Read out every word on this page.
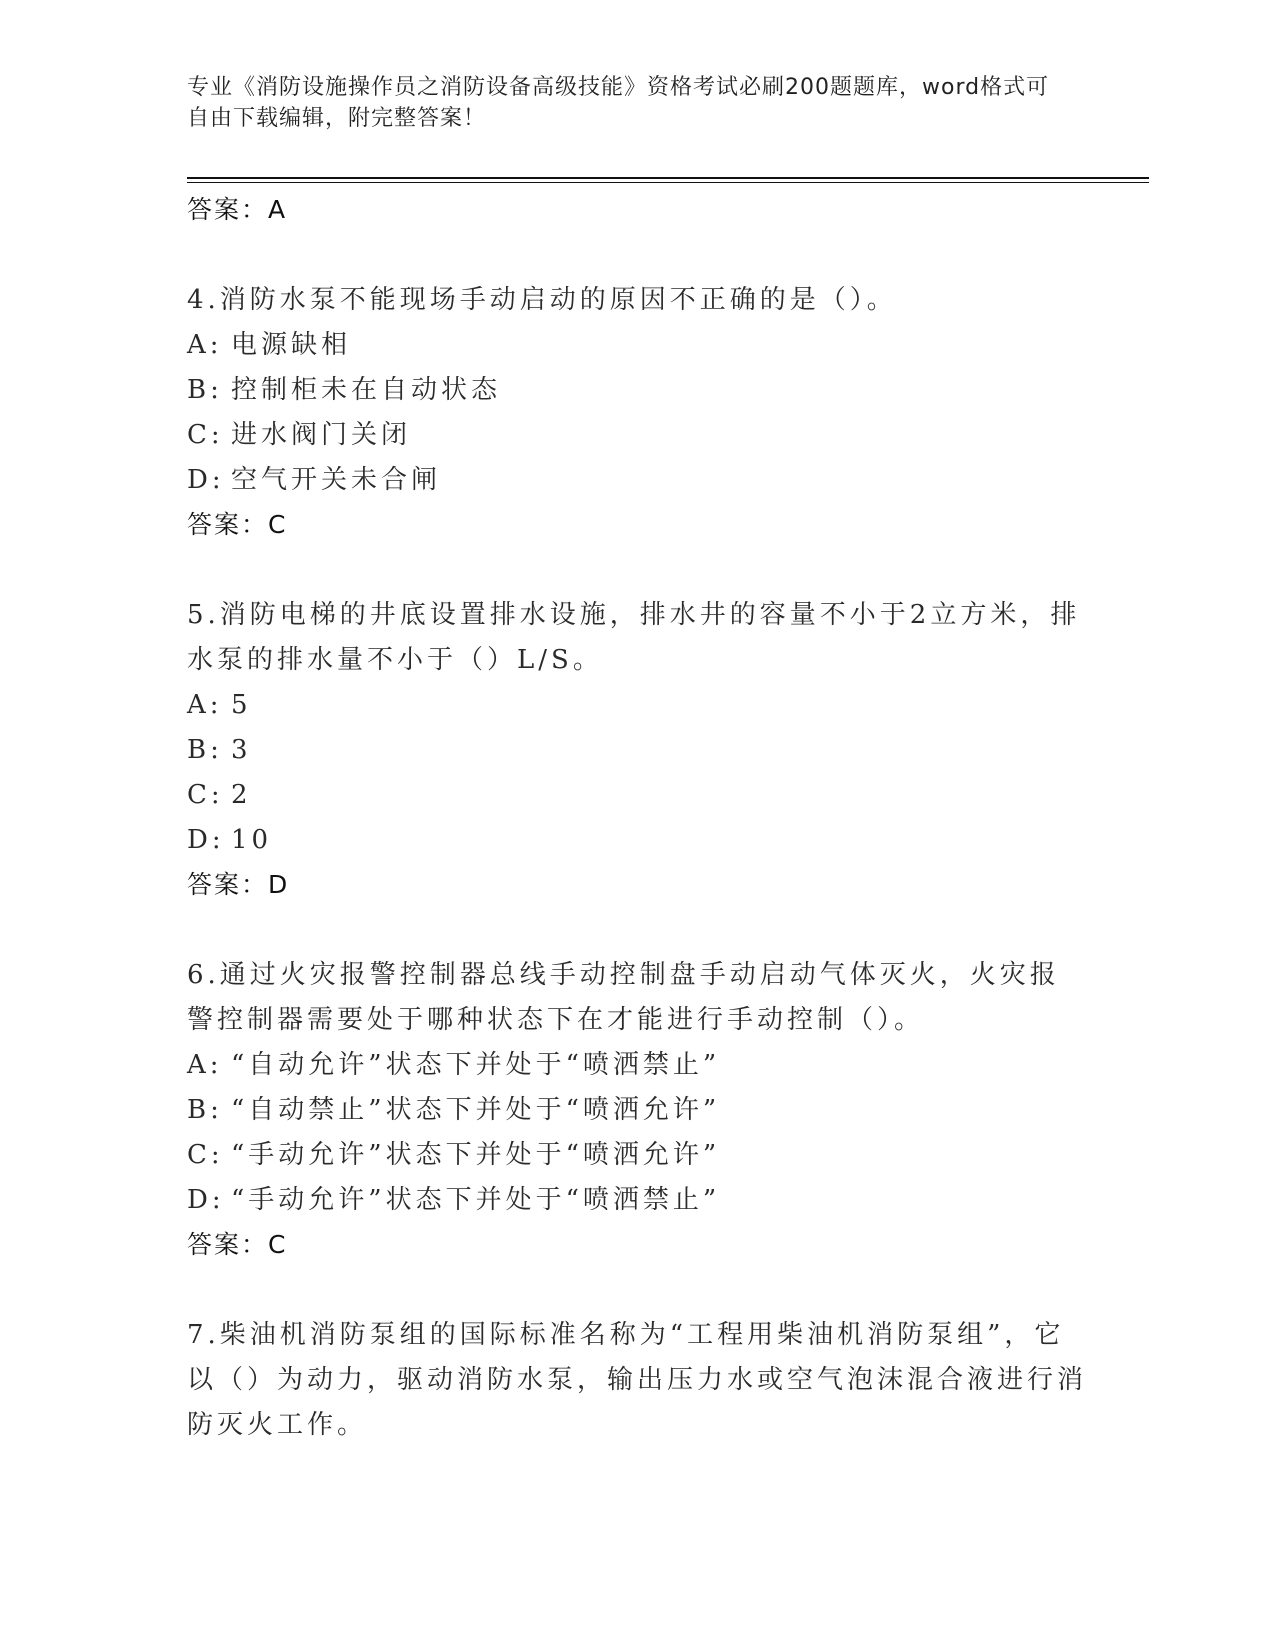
专业《消防设施操作员之消防设备高级技能》资格考试必刷200题题库，word格式可自由下载编辑，附完整答案！
答案：A
4.消防水泵不能现场手动启动的原因不正确的是（）。
A: 电源缺相
B: 控制柜未在自动状态
C: 进水阀门关闭
D: 空气开关未合闸
答案：C
5.消防电梯的井底设置排水设施，排水井的容量不小于2立方米，排水泵的排水量不小于（）L/S。
A: 5
B: 3
C: 2
D: 10
答案：D
6.通过火灾报警控制器总线手动控制盘手动启动气体灭火，火灾报警控制器需要处于哪种状态下在才能进行手动控制（）。
A: “自动允许”状态下并处于“喷洒禁止”
B: “自动禁止”状态下并处于“喷洒允许”
C: “手动允许”状态下并处于“喷洒允许”
D: “手动允许”状态下并处于“喷洒禁止”
答案：C
7.柴油机消防泵组的国际标准名称为“工程用柴油机消防泵组”，它以（）为动力，驱动消防水泵，输出压力水或空气泡沫混合液进行消防灭火工作。
